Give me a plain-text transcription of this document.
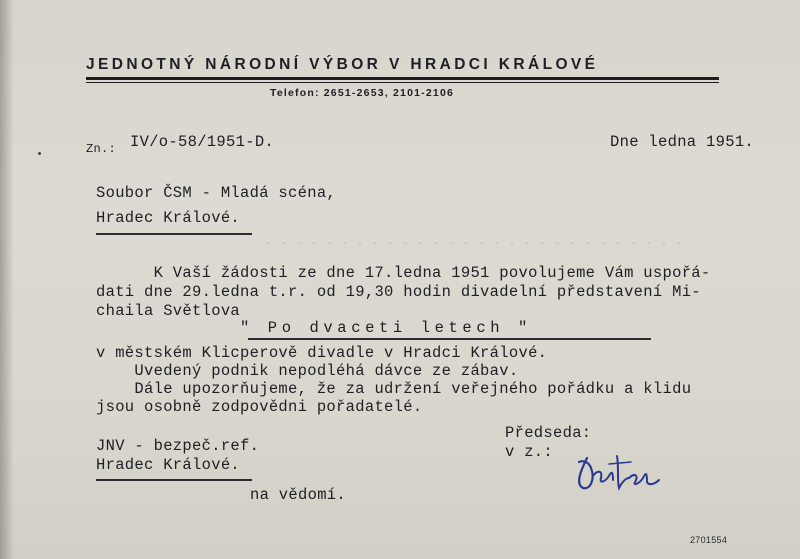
JEDNOTNÝ NÁRODNÍ VÝBOR V HRADCI KRÁLOVÉ
Telefon: 2651-2653, 2101-2106
Zn.: IV/o-58/1951-D.	Dne ledna 1951.
Soubor ČSM - Mladá scéna,
Hradec Králové.
- - - - - - - - - - - - - - - - - - - - - - - - - - - -
K Vaší žádosti ze dne 17.ledna 1951 povolujeme Vám uspořá-
dati dne 29.ledna t.r. od 19,30 hodin divadelní představení Mi-
chaila Světlova
" Po dvaceti letech "
v městském Klicperově divadle v Hradci Králové.
Uvedený podnik nepodléhá dávce ze zábav.
Dále upozorňujeme, že za udržení veřejného pořádku a klidu
jsou osobně zodpovědni pořadatelé.
Předseda:
v z.:
JNV - bezpeč.ref.
Hradec Králové.
na vědomí.
2701554
